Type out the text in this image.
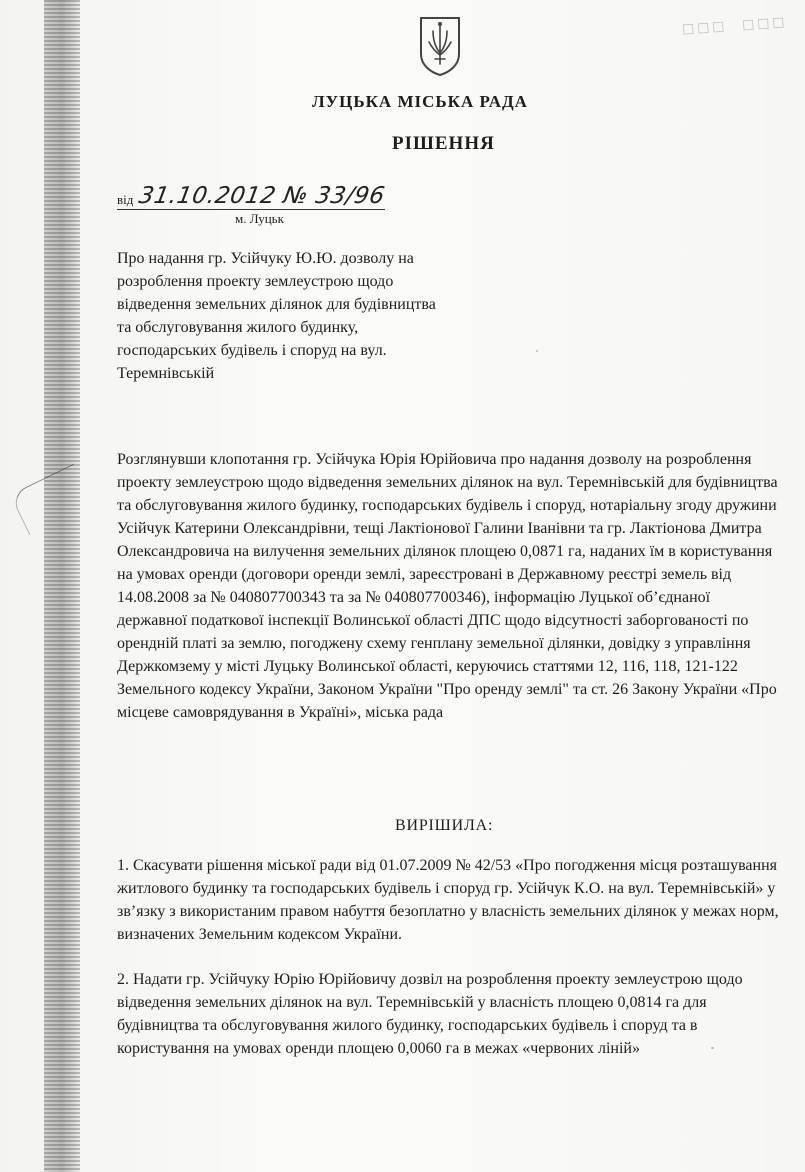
☐☐☐ ☐☐☐
ЛУЦЬКА МІСЬКА РАДА
РІШЕННЯ
від 31.10.2012 № 33/96
м. Луцьк
Про надання гр. Усійчуку Ю.Ю. дозволу на розроблення проекту землеустрою щодо відведення земельних ділянок для будівництва та обслуговування жилого будинку, господарських будівель і споруд на вул. Теремнівській
Розглянувши клопотання гр. Усійчука Юрія Юрійовича про надання дозволу на розроблення проекту землеустрою щодо відведення земельних ділянок на вул. Теремнівській для будівництва та обслуговування жилого будинку, господарських будівель і споруд, нотаріальну згоду дружини Усійчук Катерини Олександрівни, тещі Лактіонової Галини Іванівни та гр. Лактіонова Дмитра Олександровича на вилучення земельних ділянок площею 0,0871 га, наданих їм в користування на умовах оренди (договори оренди землі, зареєстровані в Державному реєстрі земель від 14.08.2008 за № 040807700343 та за № 040807700346), інформацію Луцької об’єднаної державної податкової інспекції Волинської області ДПС щодо відсутності заборгованості по орендній платі за землю, погоджену схему генплану земельної ділянки, довідку з управління Держкомзему у місті Луцьку Волинської області, керуючись статтями 12, 116, 118, 121-122 Земельного кодексу України, Законом України "Про оренду землі" та ст. 26 Закону України «Про місцеве самоврядування в Україні», міська рада
ВИРІШИЛА:
1. Скасувати рішення міської ради від 01.07.2009 № 42/53 «Про погодження місця розташування житлового будинку та господарських будівель і споруд гр. Усійчук К.О. на вул. Теремнівській» у зв’язку з використаним правом набуття безоплатно у власність земельних ділянок у межах норм, визначених Земельним кодексом України.
2. Надати гр. Усійчуку Юрію Юрійовичу дозвіл на розроблення проекту землеустрою щодо відведення земельних ділянок на вул. Теремнівській у власність площею 0,0814 га для будівництва та обслуговування жилого будинку, господарських будівель і споруд та в користування на умовах оренди площею 0,0060 га в межах «червоних ліній»
